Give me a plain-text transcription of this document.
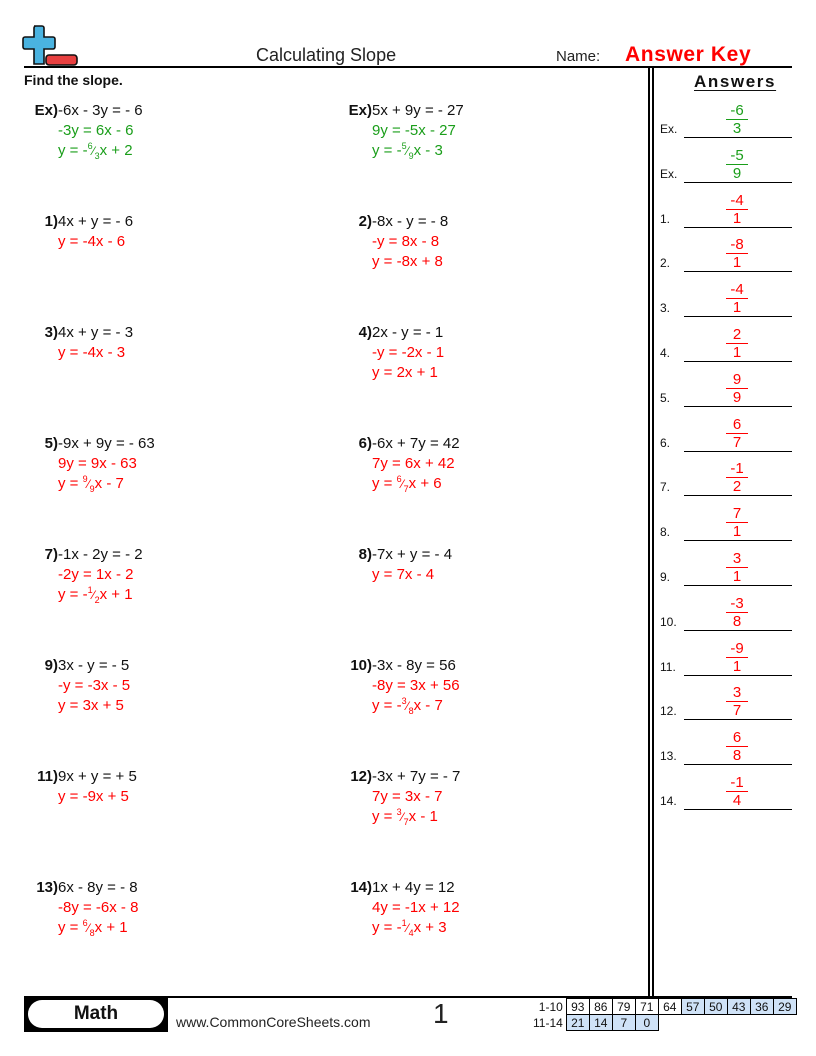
Calculating Slope	Name: Answer Key
Find the slope.	Answers
Ex) -6x - 3y = - 6
-3y = 6x - 6
$y = -^6⁄_3x + 2$
Ex) 5x + 9y = - 27
9y = -5x - 27
$y = -^5⁄_9x - 3$
1) 4x + y = - 6
y = -4x - 6
2) -8x - y = - 8
-y = 8x - 8
y = -8x + 8
3) 4x + y = - 3
y = -4x - 3
4) 2x - y = - 1
-y = -2x - 1
y = 2x + 1
5) -9x + 9y = - 63
9y = 9x - 63
$y = ^9⁄_9x - 7$
6) -6x + 7y = 42
7y = 6x + 42
$y = ^6⁄_7x + 6$
7) -1x - 2y = - 2
-2y = 1x - 2
$y = -^1⁄_2x + 1$
8) -7x + y = - 4
y = 7x - 4
9) 3x - y = - 5
-y = -3x - 5
y = 3x + 5
10) -3x - 8y = 56
-8y = 3x + 56
$y = -^3⁄_8x - 7$
11) 9x + y = + 5
y = -9x + 5
12) -3x + 7y = - 7
7y = 3x - 7
$y = ^3⁄_7x - 1$
13) 6x - 8y = - 8
-8y = -6x - 8
$y = ^6⁄_8x + 1$
14) 1x + 4y = 12
4y = -1x + 12
$y = -^1⁄_4x + 3$
Ex.	$\frac{-6}{3}$
Ex.	$\frac{-5}{9}$
1.	$\frac{-4}{1}$
2.	$\frac{-8}{1}$
3.	$\frac{-4}{1}$
4.	$\frac{2}{1}$
5.	$\frac{9}{9}$
6.	$\frac{6}{7}$
7.	$\frac{-1}{2}$
8.	$\frac{7}{1}$
9.	$\frac{3}{1}$
10.	$\frac{-3}{8}$
11.	$\frac{-9}{1}$
12.	$\frac{3}{7}$
13.	$\frac{6}{8}$
14.	$\frac{-1}{4}$
Math	www.CommonCoreSheets.com 1	1-10	93	86	79	71	64	57	50	43	36	29
11-14	21	14	7	0						
